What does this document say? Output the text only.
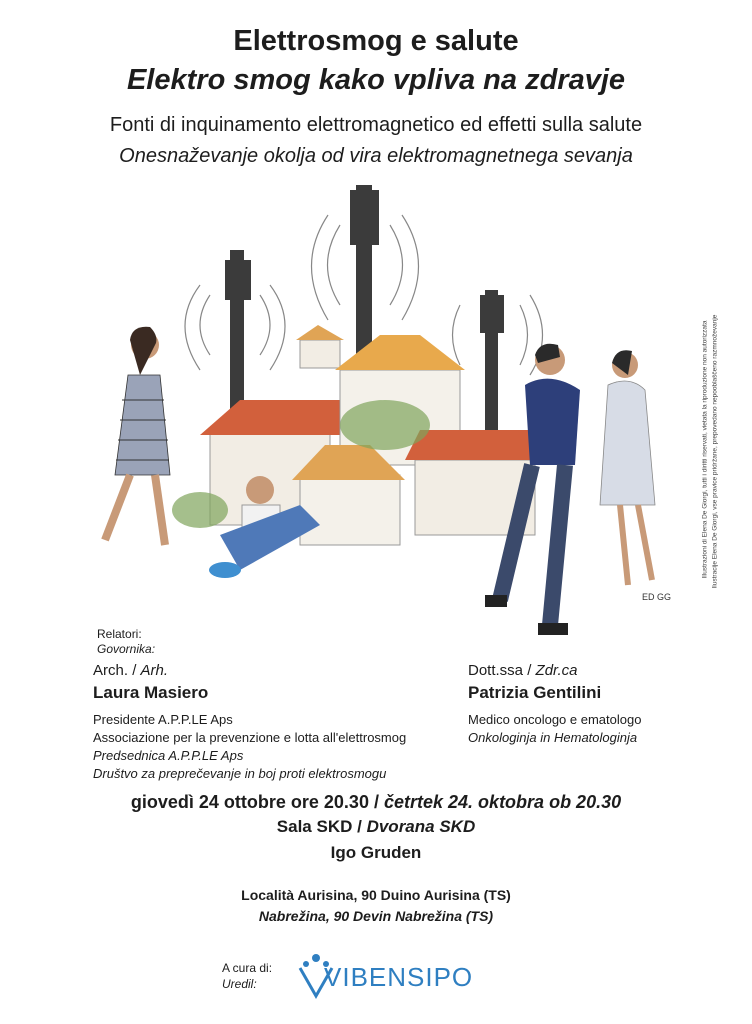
Elettrosmog e salute
Elektro smog kako vpliva na zdravje
Fonti di inquinamento elettromagnetico ed effetti sulla salute
Onesnaževanje okolja od vira elektromagnetnega sevanja
ED GG
Illustrazioni di Elena De Giorgi, tutti i diritti riservati, vietata la riproduzione non autorizzata Ilustracije Elena De Giorgi, vse pravice pridržane, prepovedano nepooblaščeno razmnoževanje
Relatori:
Govornika:
Arch. / Arh.
Laura Masiero
Presidente A.P.P.LE Aps
Associazione per la prevenzione e lotta all'elettrosmog
Predsednica A.P.P.LE Aps
Društvo za preprečevanje in boj proti elektrosmogu
Dott.ssa / Zdr.ca
Patrizia Gentilini
Medico oncologo e ematologo
Onkologinja in Hematologinja
giovedì 24 ottobre ore 20.30 / četrtek 24. oktobra ob 20.30
Sala SKD / Dvorana SKD
Igo Gruden
Località Aurisina, 90 Duino Aurisina (TS)
Nabrežina, 90 Devin Nabrežina (TS)
A cura di:
Uredil:	VIBENSIPO
